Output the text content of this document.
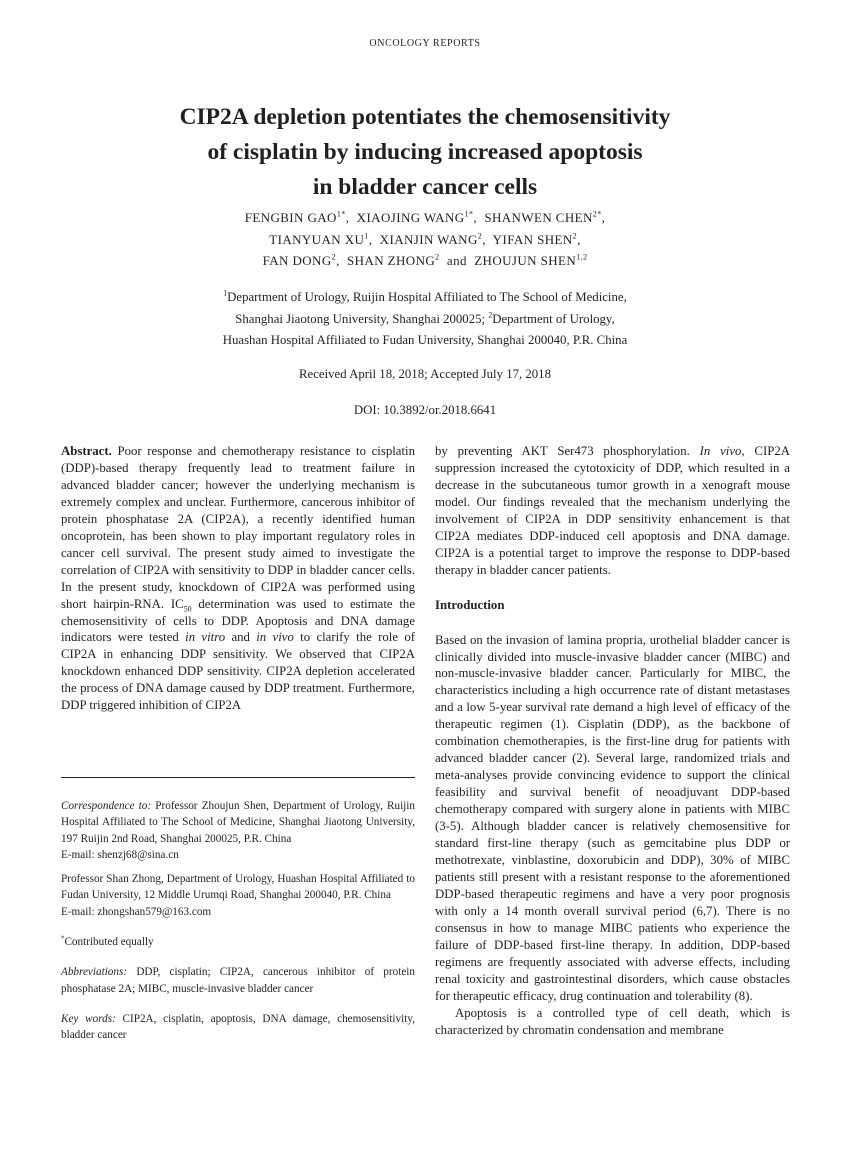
ONCOLOGY REPORTS
CIP2A depletion potentiates the chemosensitivity
of cisplatin by inducing increased apoptosis
in bladder cancer cells
FENGBIN $GAO^{1*}$,  XIAOJING $WANG^{1*}$,  SHANWEN $CHEN^{2*}$,
TIANYUAN $XU^1$,  XIANJIN WANG$^2$,  YIFAN SHEN$^2$,
FAN DONG$^2$,  SHAN ZHONG$^2$ and ZHOUJUN SHEN$^{1,2}$
$^1$Department of Urology, Ruijin Hospital Affiliated to The School of Medicine,
Shanghai Jiaotong University, Shanghai 200025; $^2$Department of Urology,
Huashan Hospital Affiliated to Fudan University, Shanghai 200040, P.R. China
Received April 18, 2018; Accepted July 17, 2018
DOI: 10.3892/or.2018.6641

Abstract. Poor response and chemotherapy resistance to cisplatin (DDP)-based therapy frequently lead to treatment failure in advanced bladder cancer; however the underlying mechanism is extremely complex and unclear. Furthermore, cancerous inhibitor of protein phosphatase 2A (CIP2A), a recently identified human oncoprotein, has been shown to play important regulatory roles in cancer cell survival. The present study aimed to investigate the correlation of CIP2A with sensitivity to DDP in bladder cancer cells. In the present study, knockdown of CIP2A was performed using short hairpin-RNA. $IC_{50}$ determination was used to estimate the chemosensitivity of cells to DDP. Apoptosis and DNA damage indicators were tested in vitro and in vivo to clarify the role of CIP2A in enhancing DDP sensitivity. We observed that CIP2A knockdown enhanced DDP sensitivity. CIP2A depletion accelerated the process of DNA damage caused by DDP treatment. Furthermore, DDP triggered inhibition of CIP2A

Correspondence to: Professor Zhoujun Shen, Department of Urology, Ruijin Hospital Affiliated to The School of Medicine, Shanghai Jiaotong University, 197 Ruijin 2nd Road, Shanghai 200025, P.R. China
E-mail: shenzj68@sina.cn

Professor Shan Zhong, Department of Urology, Huashan Hospital Affiliated to Fudan University, 12 Middle Urumqi Road, Shanghai 200040, P.R. China
E-mail: zhongshan579@163.com

*Contributed equally

Abbreviations: DDP, cisplatin; CIP2A, cancerous inhibitor of protein phosphatase 2A; MIBC, muscle-invasive bladder cancer

Key words: CIP2A, cisplatin, apoptosis, DNA damage, chemosensitivity, bladder cancer

by preventing AKT Ser473 phosphorylation. In vivo, CIP2A suppression increased the cytotoxicity of DDP, which resulted in a decrease in the subcutaneous tumor growth in a xenograft mouse model. Our findings revealed that the mechanism underlying the involvement of CIP2A in DDP sensitivity enhancement is that CIP2A mediates DDP-induced cell apoptosis and DNA damage. CIP2A is a potential target to improve the response to DDP-based therapy in bladder cancer patients.

Introduction

Based on the invasion of lamina propria, urothelial bladder cancer is clinically divided into muscle-invasive bladder cancer (MIBC) and non-muscle-invasive bladder cancer. Particularly for MIBC, the characteristics including a high occurrence rate of distant metastases and a low 5-year survival rate demand a high level of efficacy of the therapeutic regimen (1). Cisplatin (DDP), as the backbone of combination chemotherapies, is the first-line drug for patients with advanced bladder cancer (2). Several large, randomized trials and meta-analyses provide convincing evidence to support the clinical feasibility and survival benefit of neoadjuvant DDP-based chemotherapy compared with surgery alone in patients with MIBC (3-5). Although bladder cancer is relatively chemosensitive for standard first-line therapy (such as gemcitabine plus DDP or methotrexate, vinblastine, doxorubicin and DDP), 30% of MIBC patients still present with a resistant response to the aforementioned DDP-based therapeutic regimens and have a very poor prognosis with only a 14 month overall survival period (6,7). There is no consensus in how to manage MIBC patients who experience the failure of DDP-based first-line therapy. In addition, DDP-based regimens are frequently associated with adverse effects, including renal toxicity and gastrointestinal disorders, which cause obstacles for therapeutic efficacy, drug continuation and tolerability (8).

Apoptosis is a controlled type of cell death, which is characterized by chromatin condensation and membrane
